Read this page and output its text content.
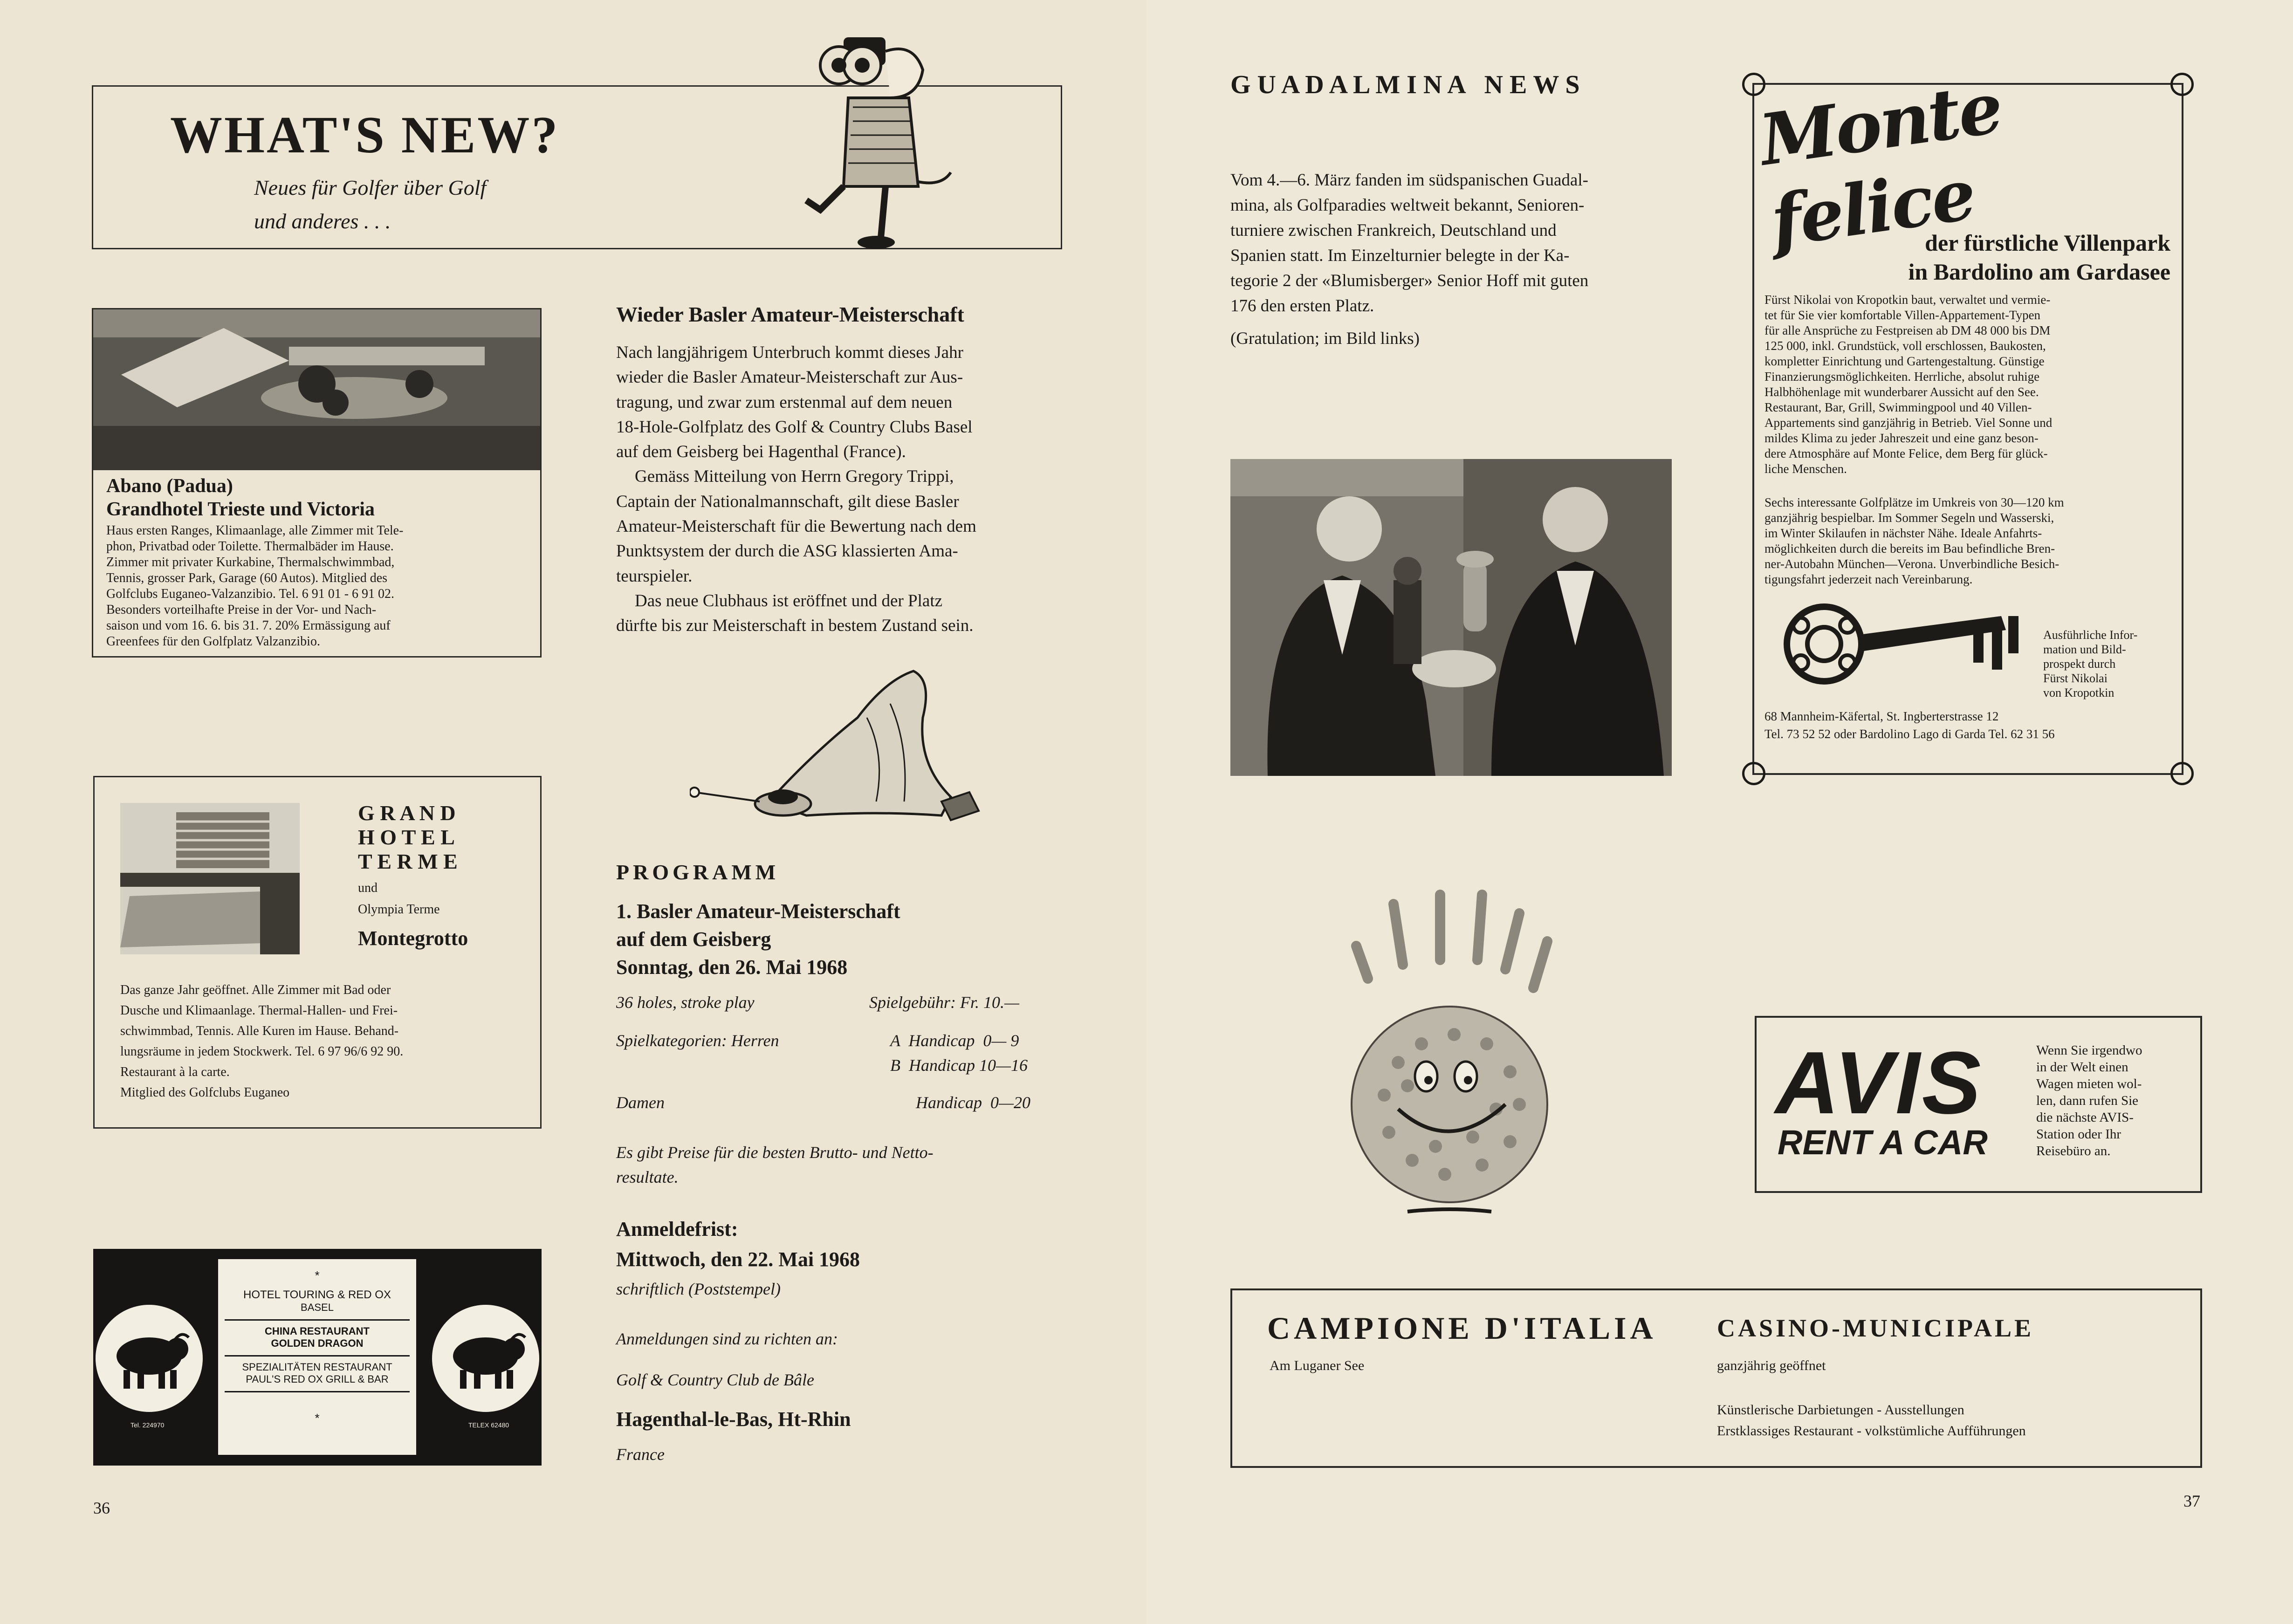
WHAT'S NEW?
Neues für Golfer über Golf
und anderes . . .
Abano (Padua)
Grandhotel Trieste und Victoria

Haus ersten Ranges, Klimaanlage, alle Zimmer mit Tele-

phon, Privatbad oder Toilette. Thermalbäder im Hause.

Zimmer mit privater Kurkabine, Thermalschwimmbad,

Tennis, grosser Park, Garage (60 Autos). Mitglied des

Golfclubs Euganeo-Valzanzibio. Tel. 6 91 01 - 6 91 02.

Besonders vorteilhafte Preise in der Vor- und Nach-

saison und vom 16. 6. bis 31. 7. 20% Ermässigung auf

Greenfees für den Golfplatz Valzanzibio.

G R A N D
H O T E L
T E R M E
und
Olympia Terme
Montegrotto

Das ganze Jahr geöffnet. Alle Zimmer mit Bad oder

Dusche und Klimaanlage. Thermal-Hallen- und Frei-

schwimmbad, Tennis. Alle Kuren im Hause. Behand-

lungsräume in jedem Stockwerk. Tel. 6 97 96/6 92 90.

Restaurant à la carte.

Mitglied des Golfclubs Euganeo

*
HOTEL TOURING & RED OX
BASEL
CHINA RESTAURANT
GOLDEN DRAGON
SPEZIALITÄTEN RESTAURANT
PAUL'S RED OX GRILL & BAR
*
Tel. 224970	TELEX 62480
Wieder Basler Amateur-Meisterschaft

Nach langjährigem Unterbruch kommt dieses Jahr

wieder die Basler Amateur-Meisterschaft zur Aus-

tragung, und zwar zum erstenmal auf dem neuen

18-Hole-Golfplatz des Golf & Country Clubs Basel

auf dem Geisberg bei Hagenthal (France).

Gemäss Mitteilung von Herrn Gregory Trippi,

Captain der Nationalmannschaft, gilt diese Basler

Amateur-Meisterschaft für die Bewertung nach dem

Punktsystem der durch die ASG klassierten Ama-

teurspieler.

Das neue Clubhaus ist eröffnet und der Platz

dürfte bis zur Meisterschaft in bestem Zustand sein.

PROGRAMM
1. Basler Amateur-Meisterschaft
auf dem Geisberg
Sonntag, den 26. Mai 1968
36 holes, stroke play	Spielgebühr: Fr. 10.—
Spielkategorien: Herren	A  Handicap  0— 9
B  Handicap 10—16
Damen	Handicap  0—20
Es gibt Preise für die besten Brutto- und Netto-
resultate.
Anmeldefrist:
Mittwoch, den 22. Mai 1968
schriftlich (Poststempel)
Anmeldungen sind zu richten an:
Golf & Country Club de Bâle
Hagenthal-le-Bas, Ht-Rhin
France
36
G U A D A L M I N A   N E W S

Vom 4.—6. März fanden im südspanischen Guadal-

mina, als Golfparadies weltweit bekannt, Senioren-

turniere zwischen Frankreich, Deutschland und

Spanien statt. Im Einzelturnier belegte in der Ka-

tegorie 2 der «Blumisberger» Senior Hoff mit guten

176 den ersten Platz.

(Gratulation; im Bild links)
Monte felice
der fürstliche Villenpark
in Bardolino am Gardasee

Fürst Nikolai von Kropotkin baut, verwaltet und vermie-

tet für Sie vier komfortable Villen-Appartement-Typen

für alle Ansprüche zu Festpreisen ab DM 48 000 bis DM

125 000, inkl. Grundstück, voll erschlossen, Baukosten,

kompletter Einrichtung und Gartengestaltung. Günstige

Finanzierungsmöglichkeiten. Herrliche, absolut ruhige

Halbhöhenlage mit wunderbarer Aussicht auf den See.

Restaurant, Bar, Grill, Swimmingpool und 40 Villen-

Appartements sind ganzjährig in Betrieb. Viel Sonne und

mildes Klima zu jeder Jahreszeit und eine ganz beson-

dere Atmosphäre auf Monte Felice, dem Berg für glück-

liche Menschen.

Sechs interessante Golfplätze im Umkreis von 30—120 km

ganzjährig bespielbar. Im Sommer Segeln und Wasserski,

im Winter Skilaufen in nächster Nähe. Ideale Anfahrts-

möglichkeiten durch die bereits im Bau befindliche Bren-

ner-Autobahn München—Verona. Unverbindliche Besich-

tigungsfahrt jederzeit nach Vereinbarung.

Ausführliche Infor-

mation und Bild-

prospekt durch

Fürst Nikolai

von Kropotkin

68 Mannheim-Käfertal, St. Ingberterstrasse 12
Tel. 73 52 52 oder Bardolino Lago di Garda Tel. 62 31 56
AVIS
RENT A CAR

Wenn Sie irgendwo

in der Welt einen

Wagen mieten wol-

len, dann rufen Sie

die nächste AVIS-

Station oder Ihr

Reisebüro an.

CAMPIONE D'ITALIA
Am Luganer See
CASINO-MUNICIPALE
ganzjährig geöffnet
Künstlerische Darbietungen - Ausstellungen
Erstklassiges Restaurant - volkstümliche Aufführungen
37
